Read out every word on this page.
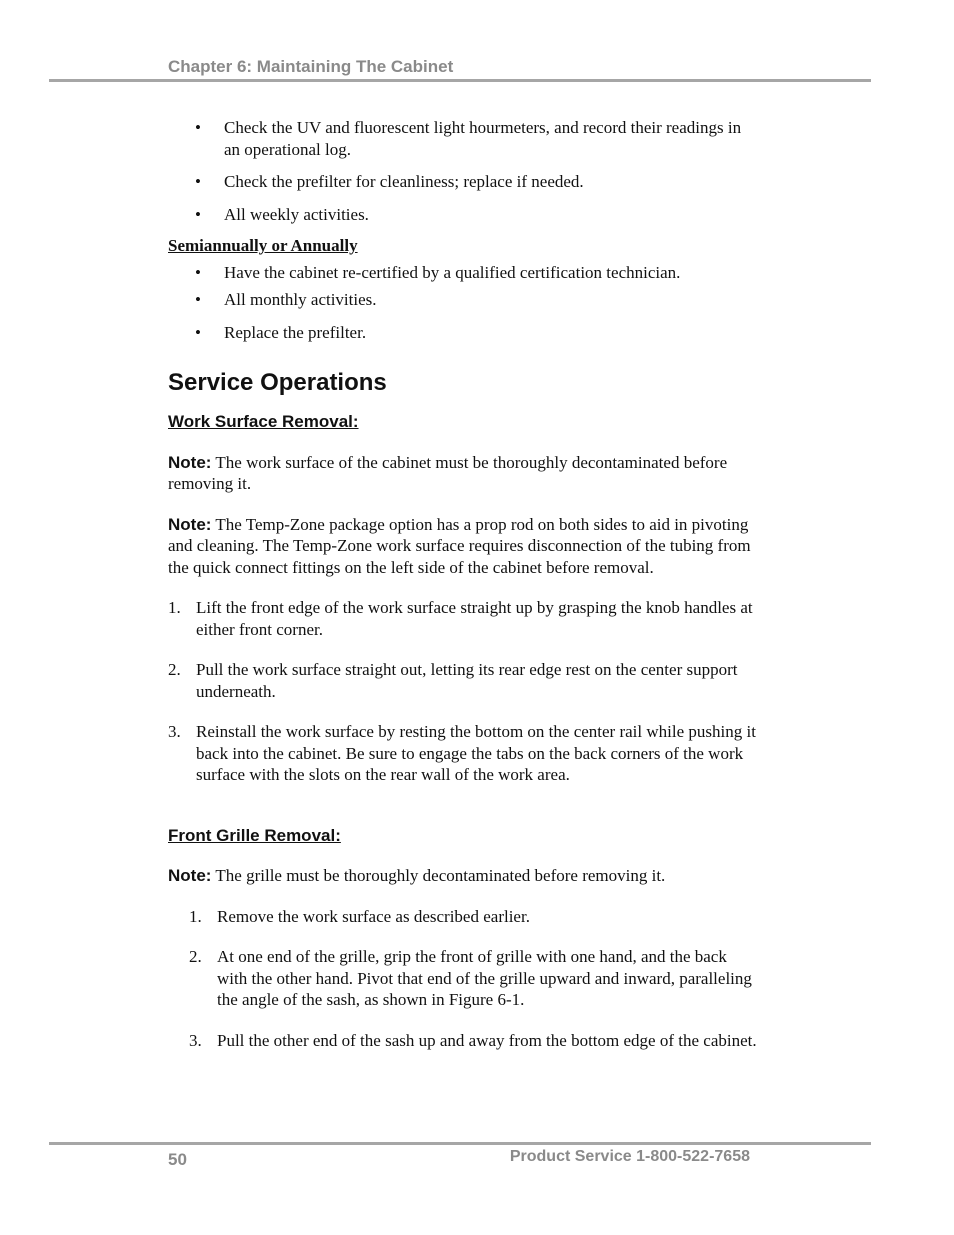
Chapter 6: Maintaining The Cabinet
• Check the UV and fluorescent light hourmeters, and record their readings in an operational log.
• Check the prefilter for cleanliness; replace if needed.
• All weekly activities.
Semiannually or Annually
• Have the cabinet re-certified by a qualified certification technician.
• All monthly activities.
• Replace the prefilter.
Service Operations
Work Surface Removal:
Note: The work surface of the cabinet must be thoroughly decontaminated before removing it.
Note: The Temp-Zone package option has a prop rod on both sides to aid in pivoting and cleaning. The Temp-Zone work surface requires disconnection of the tubing from the quick connect fittings on the left side of the cabinet before removal.
1. Lift the front edge of the work surface straight up by grasping the knob handles at either front corner.
2. Pull the work surface straight out, letting its rear edge rest on the center support underneath.
3. Reinstall the work surface by resting the bottom on the center rail while pushing it back into the cabinet. Be sure to engage the tabs on the back corners of the work surface with the slots on the rear wall of the work area.
Front Grille Removal:
Note: The grille must be thoroughly decontaminated before removing it.
1. Remove the work surface as described earlier.
2. At one end of the grille, grip the front of grille with one hand, and the back with the other hand. Pivot that end of the grille upward and inward, paralleling the angle of the sash, as shown in Figure 6-1.
3. Pull the other end of the sash up and away from the bottom edge of the cabinet.
50	Product Service 1-800-522-7658
